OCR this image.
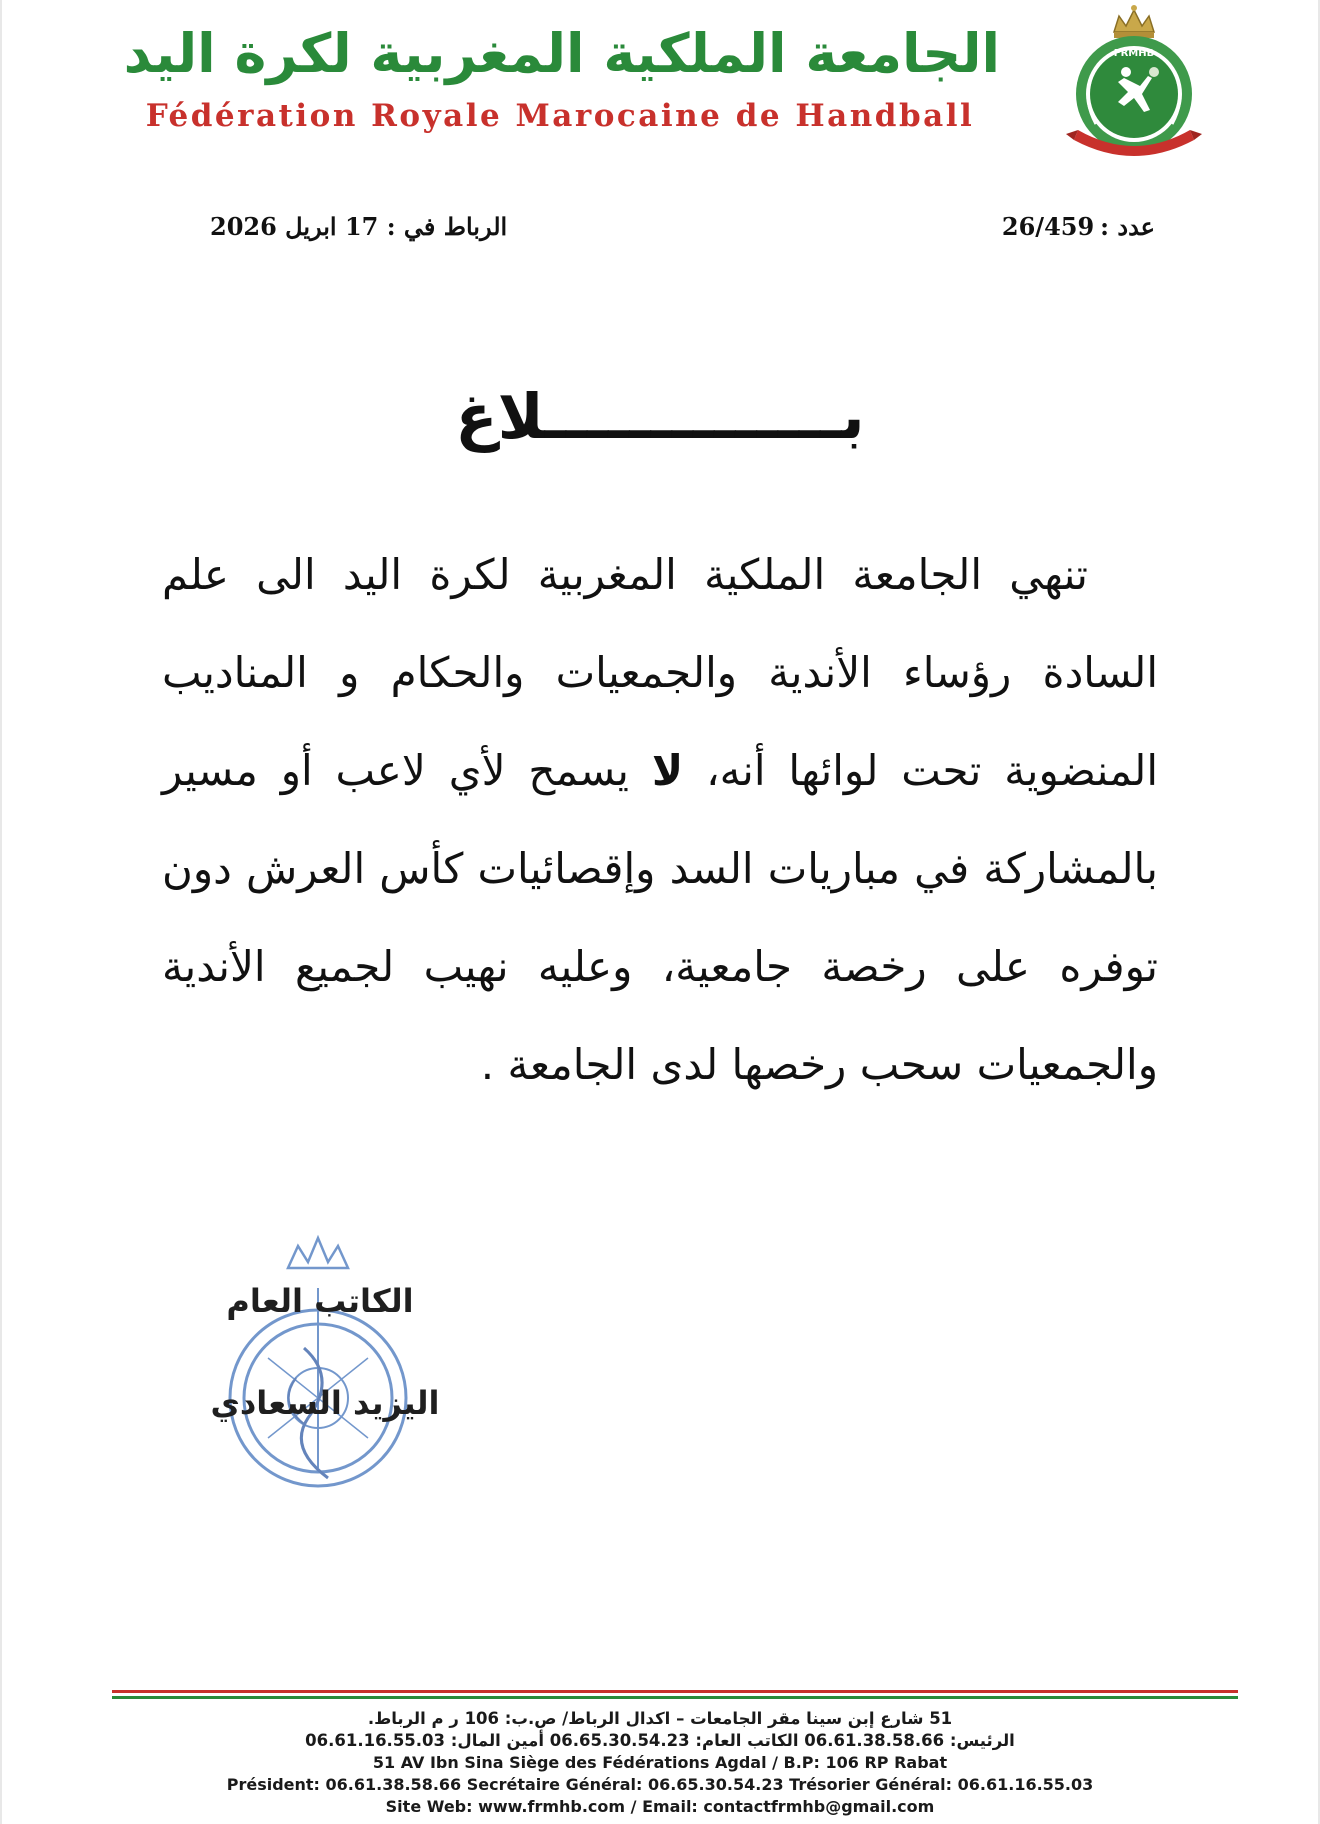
الجامعة الملكية المغربية لكرة اليد
Fédération Royale Marocaine de Handball
FRMHB
عدد :26/459
الرباط في : 17 ابريل 2026
بــــــــــــــلاغ
تنهي الجامعة الملكية المغربية لكرة اليد الى علم السادة رؤساء الأندية والجمعيات والحكام و المناديب المنضوية تحت لوائها أنه، لا يسمح لأي لاعب أو مسير بالمشاركة في مباريات السد وإقصائيات كأس العرش دون توفره على رخصة جامعية، وعليه نهيب لجميع الأندية والجمعيات سحب رخصها لدى الجامعة .
الكاتب العام
اليزيد السعادي
51 شارع إبن سينا مقر الجامعات – اكدال الرباط/ ص.ب: 106 ر م الرباط.
الرئيس: 06.61.38.58.66 الكاتب العام: 06.65.30.54.23 أمين المال: 06.61.16.55.03
51 AV Ibn Sina Siège des Fédérations Agdal / B.P: 106 RP Rabat
Président: 06.61.38.58.66 Secrétaire Général: 06.65.30.54.23 Trésorier Général: 06.61.16.55.03
Site Web: www.frmhb.com / Email: contactfrmhb@gmail.com
